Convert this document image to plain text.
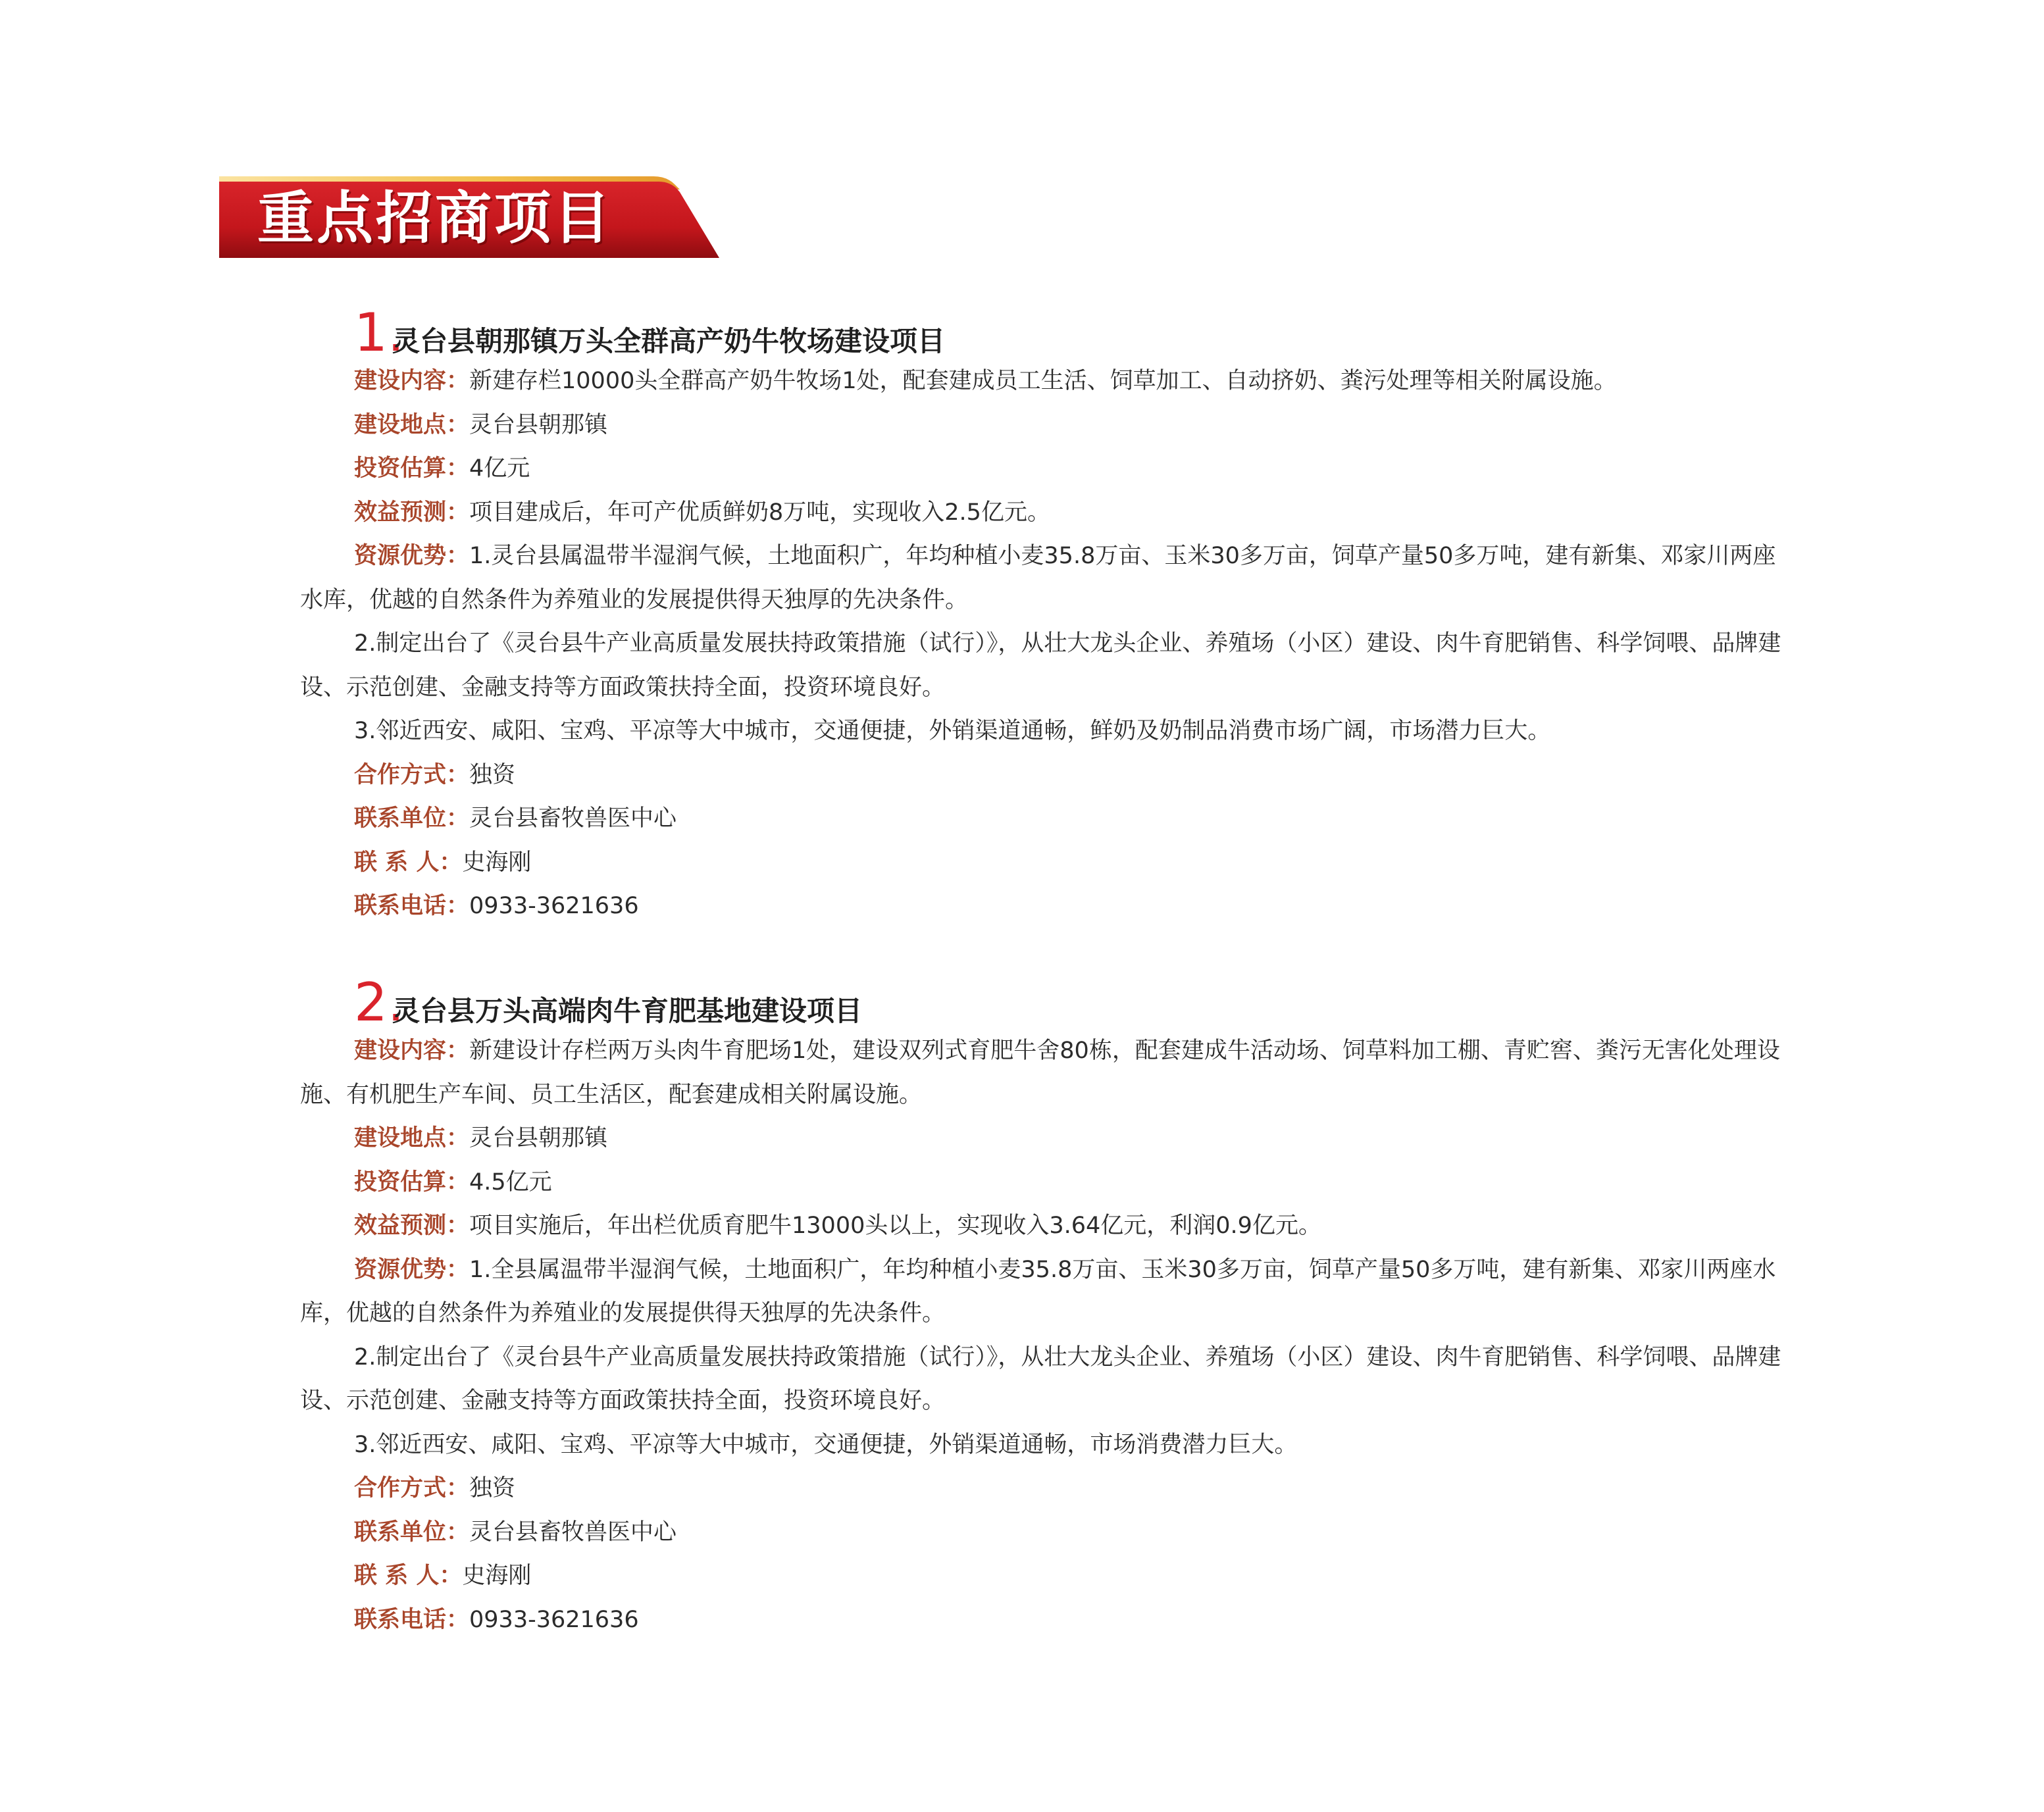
重点招商项目
1.
灵台县朝那镇万头全群高产奶牛牧场建设项目
建设内容：新建存栏10000头全群高产奶牛牧场1处，配套建成员工生活、饲草加工、自动挤奶、粪污处理等相关附属设施。
建设地点：灵台县朝那镇
投资估算：4亿元
效益预测：项目建成后，年可产优质鲜奶8万吨，实现收入2.5亿元。
资源优势：1.灵台县属温带半湿润气候，土地面积广，年均种植小麦35.8万亩、玉米30多万亩，饲草产量50多万吨，建有新集、邓家川两座水库，优越的自然条件为养殖业的发展提供得天独厚的先决条件。
2.制定出台了《灵台县牛产业高质量发展扶持政策措施（试行）》，从壮大龙头企业、养殖场（小区）建设、肉牛育肥销售、科学饲喂、品牌建设、示范创建、金融支持等方面政策扶持全面，投资环境良好。
3.邻近西安、咸阳、宝鸡、平凉等大中城市，交通便捷，外销渠道通畅，鲜奶及奶制品消费市场广阔，市场潜力巨大。
合作方式：独资
联系单位：灵台县畜牧兽医中心
联 系 人：史海刚
联系电话：0933-3621636
2.
灵台县万头高端肉牛育肥基地建设项目
建设内容：新建设计存栏两万头肉牛育肥场1处，建设双列式育肥牛舍80栋，配套建成牛活动场、饲草料加工棚、青贮窖、粪污无害化处理设施、有机肥生产车间、员工生活区，配套建成相关附属设施。
建设地点：灵台县朝那镇
投资估算：4.5亿元
效益预测：项目实施后，年出栏优质育肥牛13000头以上，实现收入3.64亿元，利润0.9亿元。
资源优势：1.全县属温带半湿润气候，土地面积广，年均种植小麦35.8万亩、玉米30多万亩，饲草产量50多万吨，建有新集、邓家川两座水库，优越的自然条件为养殖业的发展提供得天独厚的先决条件。
2.制定出台了《灵台县牛产业高质量发展扶持政策措施（试行）》，从壮大龙头企业、养殖场（小区）建设、肉牛育肥销售、科学饲喂、品牌建设、示范创建、金融支持等方面政策扶持全面，投资环境良好。
3.邻近西安、咸阳、宝鸡、平凉等大中城市，交通便捷，外销渠道通畅，市场消费潜力巨大。
合作方式：独资
联系单位：灵台县畜牧兽医中心
联 系 人：史海刚
联系电话：0933-3621636
